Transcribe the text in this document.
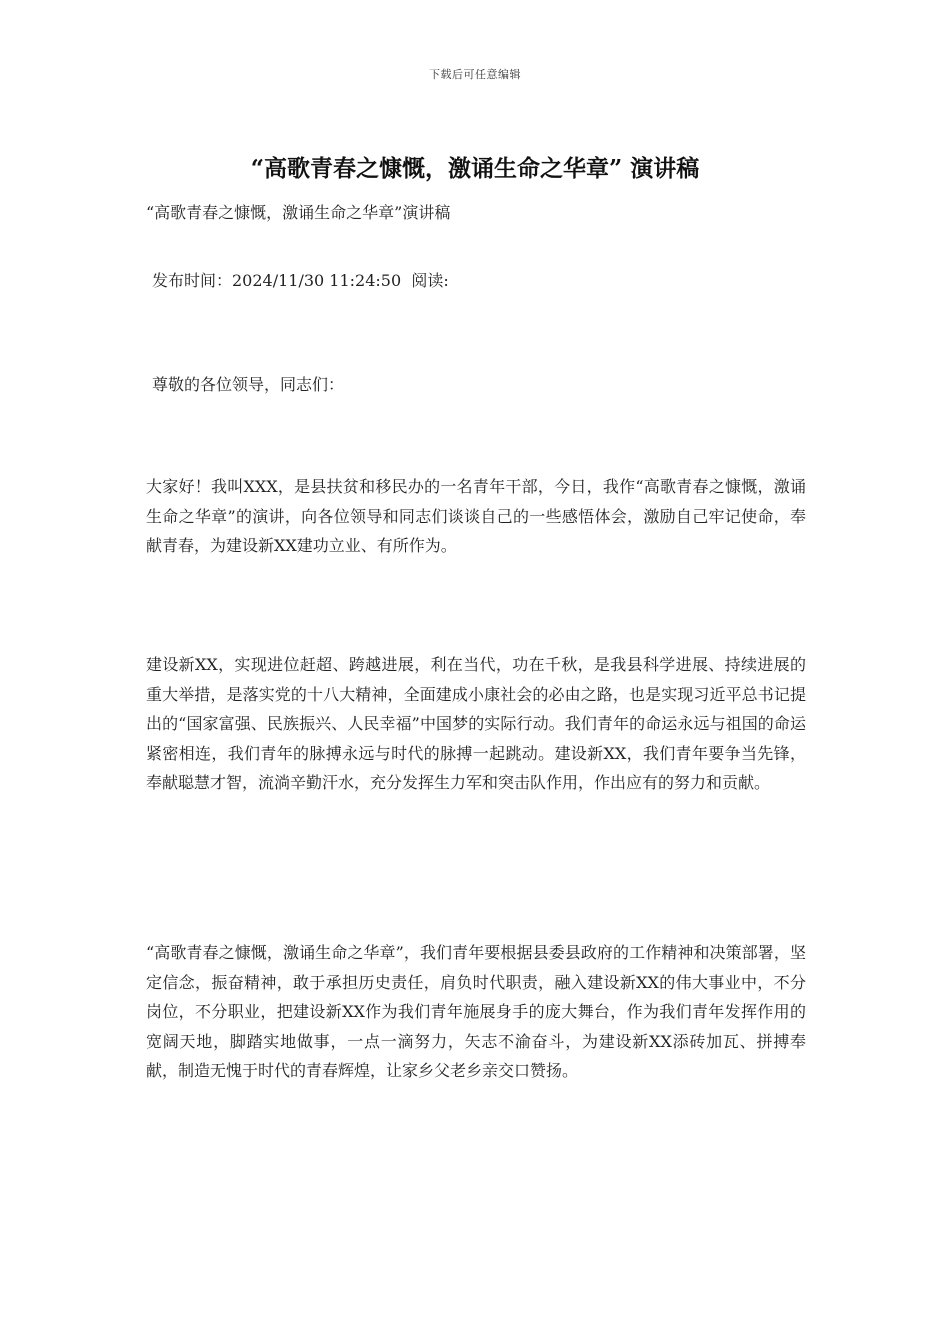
下载后可任意编辑
“高歌青春之慷慨，激诵生命之华章” 演讲稿
“高歌青春之慷慨，激诵生命之华章”演讲稿
发布时间：2024/11/30 11:24:50  阅读:
尊敬的各位领导，同志们：

大家好！我叫XXX，是县扶贫和移民办的一名青年干部，今日，我作“高歌青春之慷慨，激诵生命之华章”的演讲，向各位领导和同志们谈谈自己的一些感悟体会，激励自己牢记使命，奉献青春，为建设新XX建功立业、有所作为。

建设新XX，实现进位赶超、跨越进展，利在当代，功在千秋，是我县科学进展、持续进展的重大举措，是落实党的十八大精神，全面建成小康社会的必由之路，也是实现习近平总书记提出的“国家富强、民族振兴、人民幸福”中国梦的实际行动。我们青年的命运永远与祖国的命运紧密相连，我们青年的脉搏永远与时代的脉搏一起跳动。建设新XX，我们青年要争当先锋，奉献聪慧才智，流淌辛勤汗水，充分发挥生力军和突击队作用，作出应有的努力和贡献。

“高歌青春之慷慨，激诵生命之华章”，我们青年要根据县委县政府的工作精神和决策部署，坚定信念，振奋精神，敢于承担历史责任，肩负时代职责，融入建设新XX的伟大事业中，不分岗位，不分职业，把建设新XX作为我们青年施展身手的庞大舞台，作为我们青年发挥作用的宽阔天地，脚踏实地做事，一点一滴努力，矢志不渝奋斗，为建设新XX添砖加瓦、拼搏奉献，制造无愧于时代的青春辉煌，让家乡父老乡亲交口赞扬。
